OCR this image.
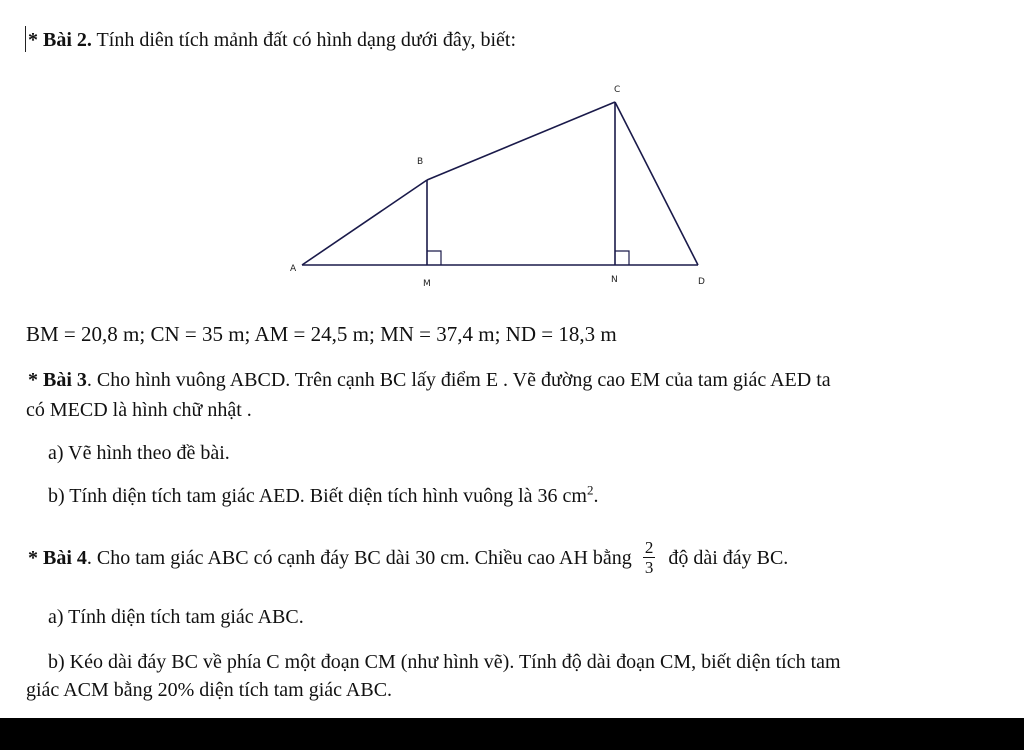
* Bài 2. Tính diên tích mảnh đất có hình dạng dưới đây, biết:
A
B
C
D
M	N
BM = 20,8 m; CN = 35 m; AM = 24,5 m; MN = 37,4 m; ND = 18,3 m
* Bài 3. Cho hình vuông ABCD. Trên cạnh BC lấy điểm E . Vẽ đường cao EM của tam giác AED ta
có MECD là hình chữ nhật .
a) Vẽ hình theo đề bài.
b) Tính diện tích tam giác AED. Biết diện tích hình vuông là 36 $cm^2$.
* Bài 4. Cho tam giác ABC có cạnh đáy BC dài 30 cm. Chiều cao AH bằng $\frac{2}{3}$ độ dài đáy BC.
a) Tính diện tích tam giác ABC.
b) Kéo dài đáy BC về phía C một đoạn CM (như hình vẽ). Tính độ dài đoạn CM, biết diện tích tam
giác ACM bằng 20% diện tích tam giác ABC.
